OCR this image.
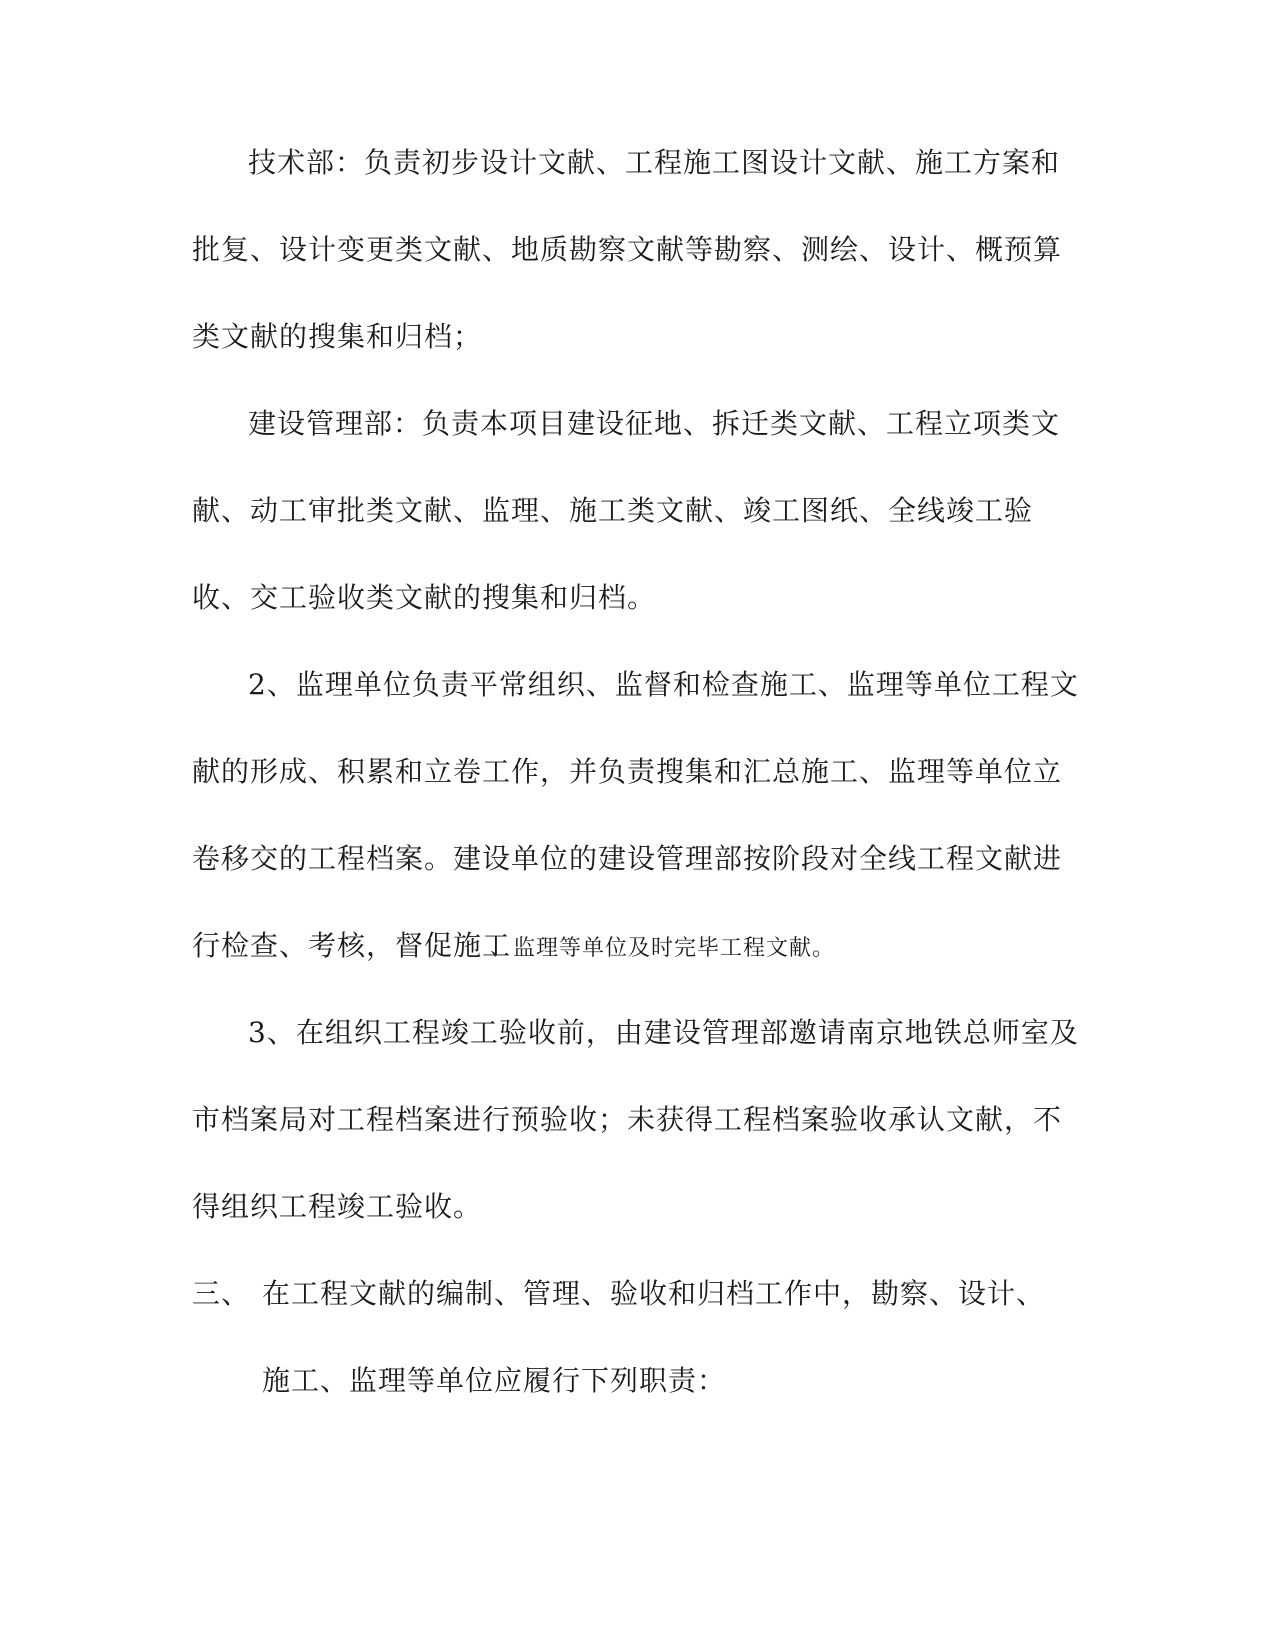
技术部：负责初步设计文献、工程施工图设计文献、施工方案和
批复、设计变更类文献、地质勘察文献等勘察、测绘、设计、概预算
类文献的搜集和归档；
建设管理部：负责本项目建设征地、拆迁类文献、工程立项类文
献、动工审批类文献、监理、施工类文献、竣工图纸、全线竣工验
收、交工验收类文献的搜集和归档。
2、监理单位负责平常组织、监督和检查施工、监理等单位工程文
献的形成、积累和立卷工作，并负责搜集和汇总施工、监理等单位立
卷移交的工程档案。建设单位的建设管理部按阶段对全线工程文献进
行检查、考核，督促施工
、监理等单位及时完毕工程文献。
3、在组织工程竣工验收前，由建设管理部邀请南京地铁总师室及
市档案局对工程档案进行预验收；未获得工程档案验收承认文献，不
得组织工程竣工验收。
三、 在工程文献的编制、管理、验收和归档工作中，勘察、设计、
施工、监理等单位应履行下列职责：
